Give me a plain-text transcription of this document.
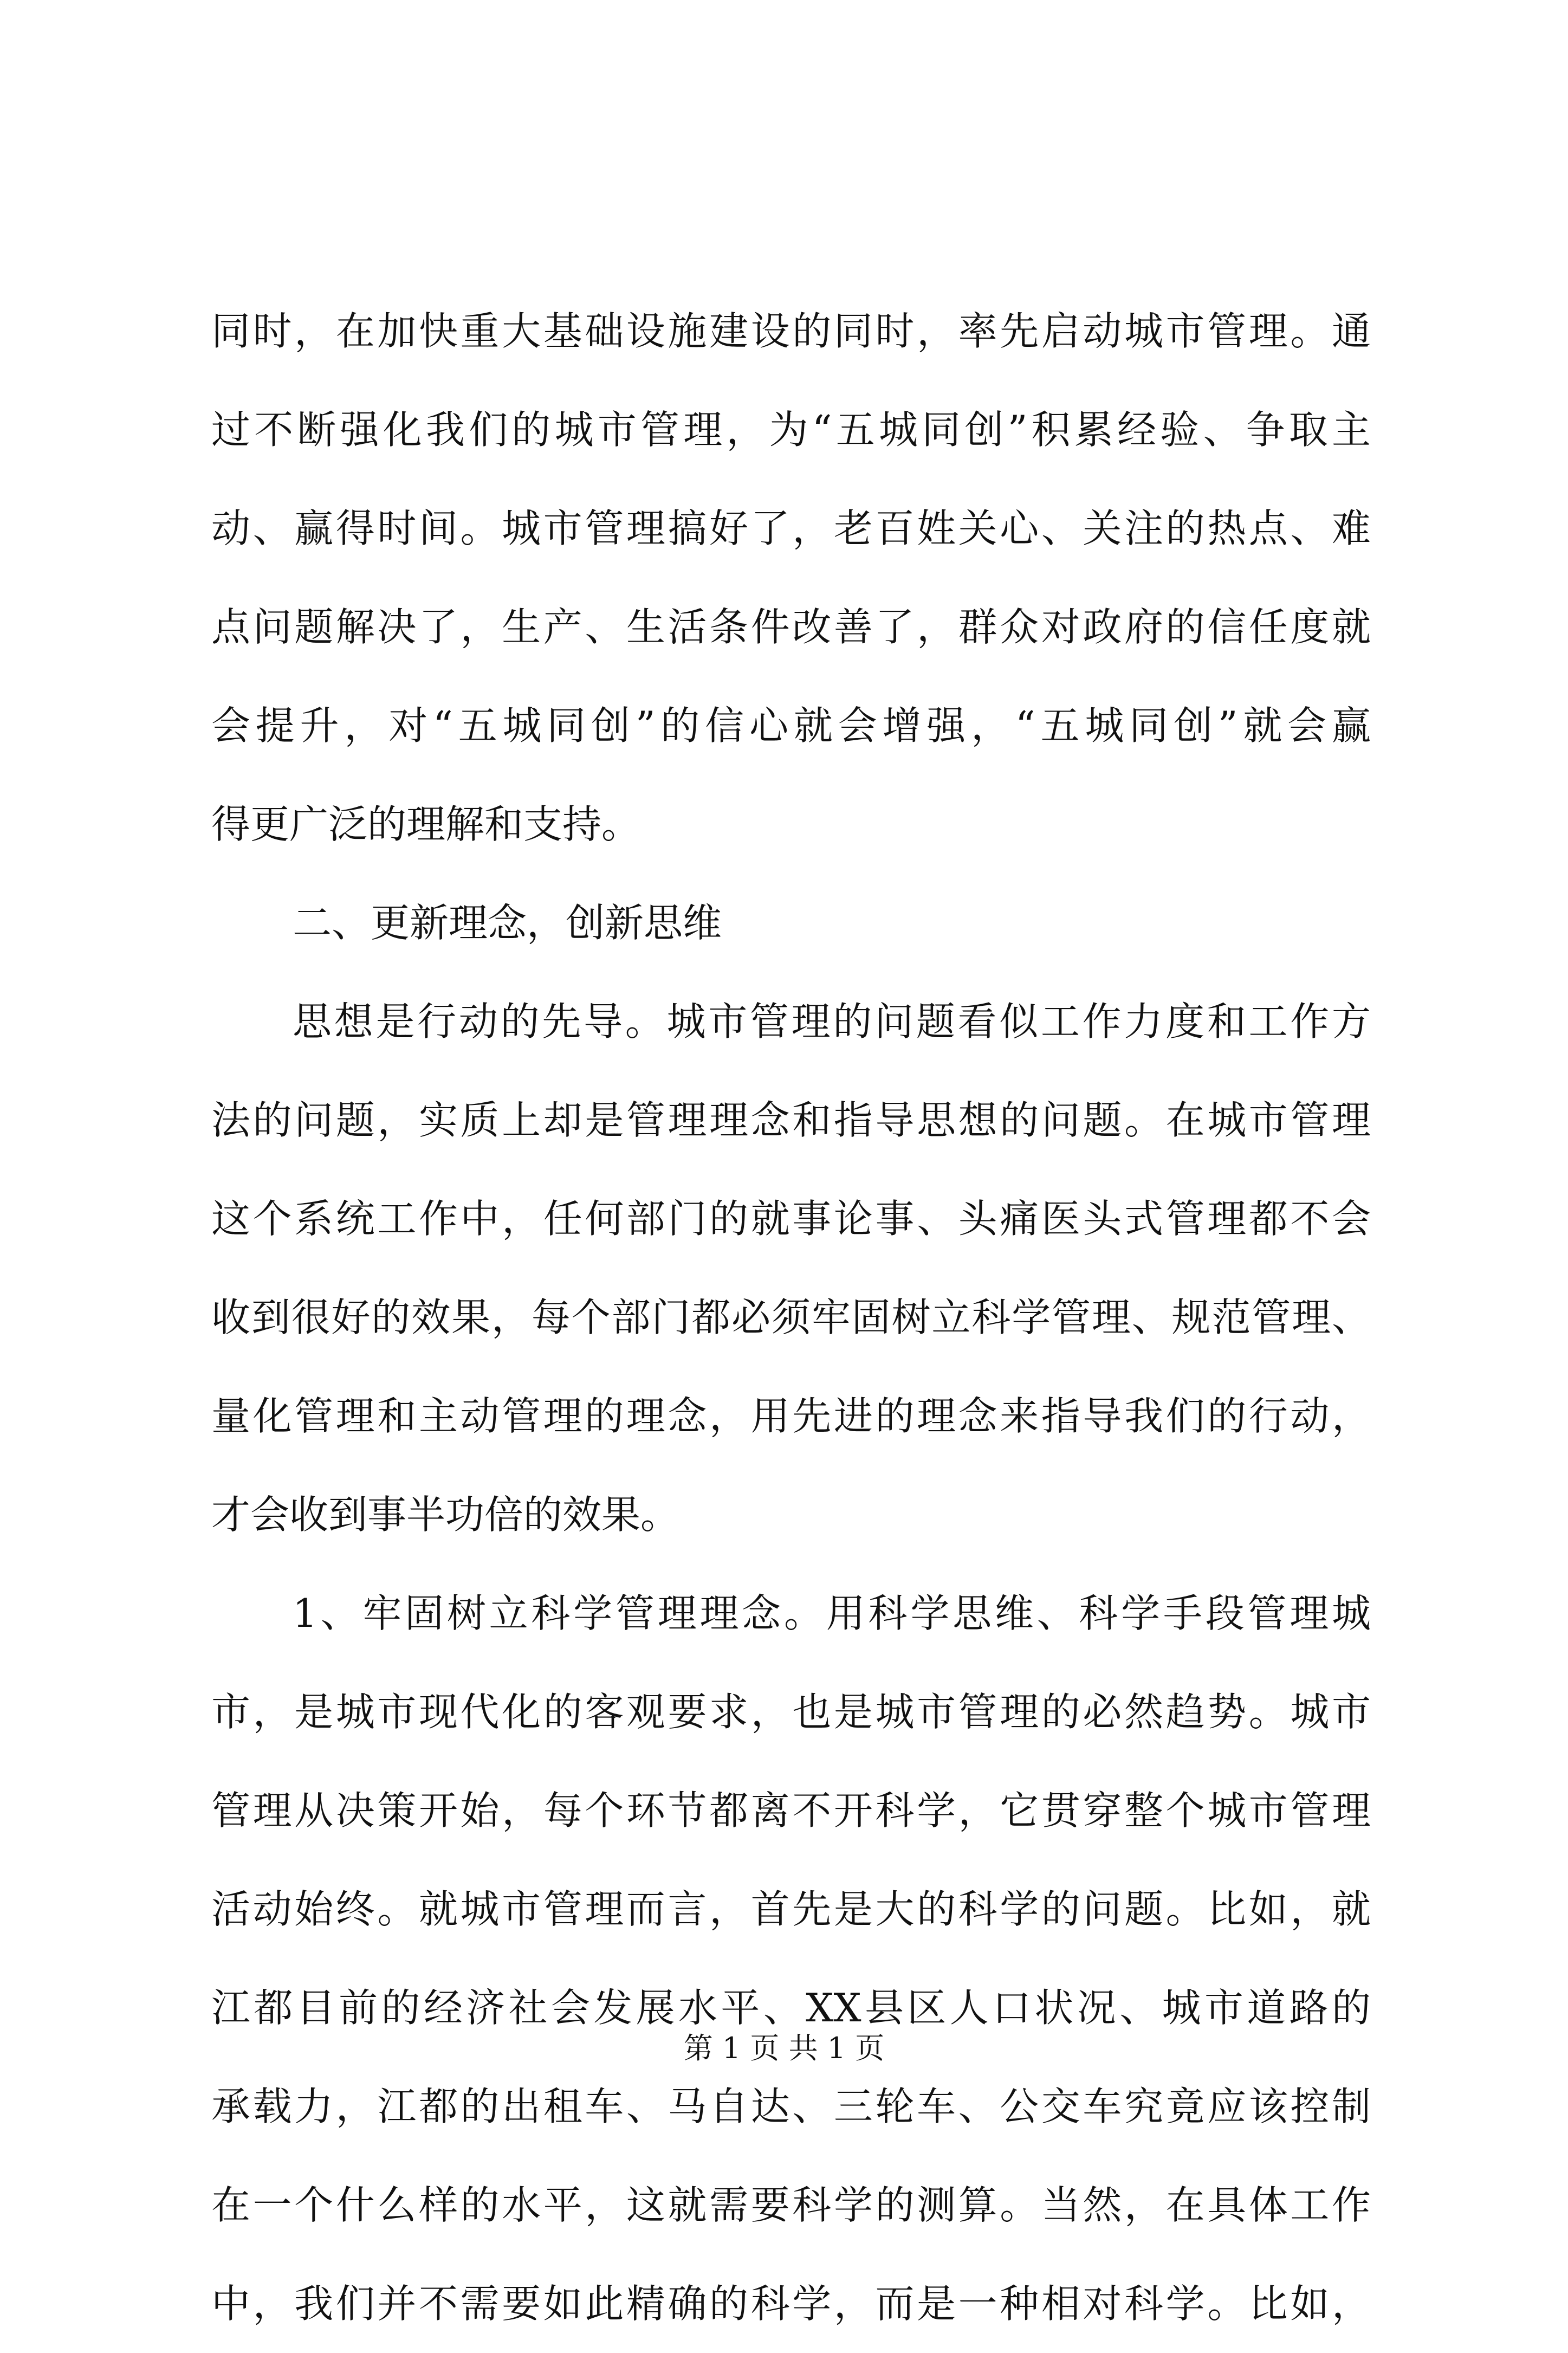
同时，在加快重大基础设施建设的同时，率先启动城市管理。通
过不断强化我们的城市管理，为“五城同创”积累经验、争取主
动、赢得时间。城市管理搞好了，老百姓关心、关注的热点、难
点问题解决了，生产、生活条件改善了，群众对政府的信任度就
会提升，对“五城同创”的信心就会增强，“五城同创”就会赢
得更广泛的理解和支持。
二、更新理念，创新思维
思想是行动的先导。城市管理的问题看似工作力度和工作方
法的问题，实质上却是管理理念和指导思想的问题。在城市管理
这个系统工作中，任何部门的就事论事、头痛医头式管理都不会
收到很好的效果，每个部门都必须牢固树立科学管理、规范管理、
量化管理和主动管理的理念，用先进的理念来指导我们的行动，
才会收到事半功倍的效果。
1、牢固树立科学管理理念。用科学思维、科学手段管理城
市，是城市现代化的客观要求，也是城市管理的必然趋势。城市
管理从决策开始，每个环节都离不开科学，它贯穿整个城市管理
活动始终。就城市管理而言，首先是大的科学的问题。比如，就
江都目前的经济社会发展水平、XX县区人口状况、城市道路的
承载力，江都的出租车、马自达、三轮车、公交车究竟应该控制
在一个什么样的水平，这就需要科学的测算。当然，在具体工作
中，我们并不需要如此精确的科学，而是一种相对科学。比如，
第 1 页 共 1 页
